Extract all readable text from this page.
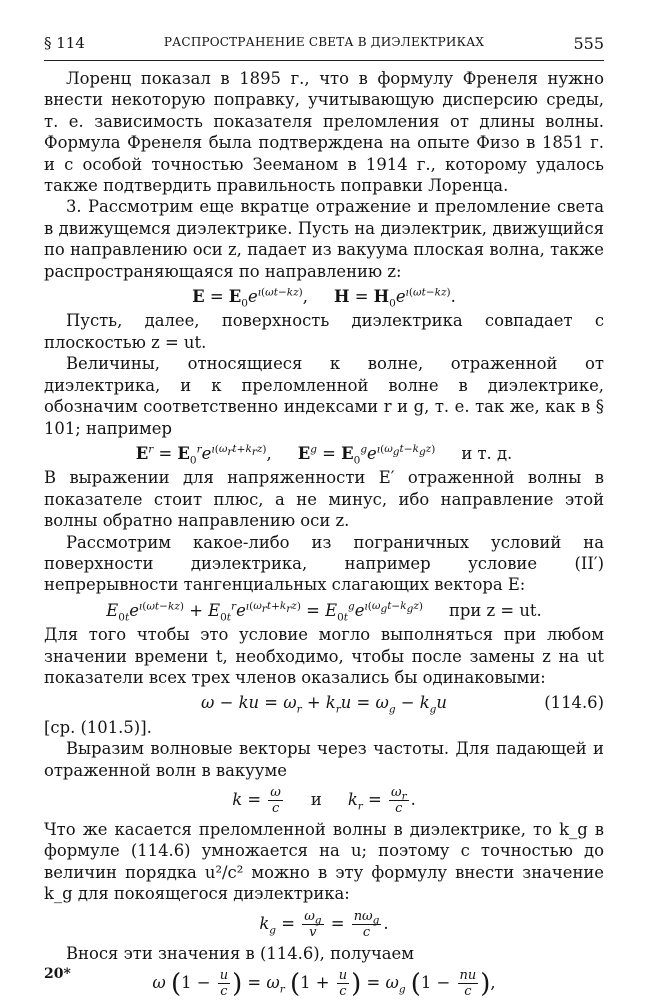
§ 114	РАСПРОСТРАНЕНИЕ СВЕТА В ДИЭЛЕКТРИКАХ	555

Лоренц показал в 1895 г., что в формулу Френеля нужно внести некоторую поправку, учитывающую дисперсию среды, т. е. зависимость показателя преломления от длины волны. Формула Френеля была подтверждена на опыте Физо в 1851 г. и с особой точностью Зееманом в 1914 г., которому удалось также подтвердить правильность поправки Лоренца.

3. Рассмотрим еще вкратце отражение и преломление света в движущемся диэлектрике. Пусть на диэлектрик, движущийся по направлению оси z, падает из вакуума плоская волна, также распространяющаяся по направлению z:

$E = E_0e^{ı(\omega t-kz)}$, $H = H_0e^{ı(\omega t-kz)}$.

Пусть, далее, поверхность диэлектрика совпадает с плоскостью z = ut.

Величины, относящиеся к волне, отраженной от диэлектрика, и к преломленной волне в диэлектрике, обозначим соответственно индексами r и g, т. е. так же, как в § 101; например

$E^r = E_0^re^{ı(\omega_rt+k_rz)}$, $E^g = E_0^ge^{ı(\omega_gt-k_gz)}$ и т. д.

В выражении для напряженности E′ отраженной волны в показателе стоит плюс, а не минус, ибо направление этой волны обратно направлению оси z.

Рассмотрим какое-либо из пограничных условий на поверхности диэлектрика, например условие (II′) непрерывности тангенциальных слагающих вектора E:

$E_{0t}e^{ı(\omega t-kz)} + E_{0t}^re^{ı(\omega_rt+k_rz)} = E_{0t}^ge^{ı(\omega_gt-k_gz)}$ при z = ut.

Для того чтобы это условие могло выполняться при любом значении времени t, необходимо, чтобы после замены z на ut показатели всех трех членов оказались бы одинаковыми:

ω − ku = $\omega_r + k_ru = \omega_g - k_gu$	(114.6)

[ср. (101.5)].

Выразим волновые векторы через частоты. Для падающей и отраженной волн в вакууме

$k = \frac{\omega}{c}$ и $k_r = \frac{\omega_r}{c}$ .

Что же касается преломленной волны в диэлектрике, то k_g в формуле (114.6) умножается на u; поэтому с точностью до величин порядка u²/c² можно в эту формулу внести значение k_g для покоящегося диэлектрика:

$k_g = \frac{\omega_g}{v} = \frac{n\omega_g}{c}$ .

Внося эти значения в (114.6), получаем

ω ($1 - \frac{u}{c}$ ) = $\omega_r$ ($1 + \frac{u}{c}$ ) = $\omega_g$ ($1 - \frac{nu}{c}$ ),
20*
